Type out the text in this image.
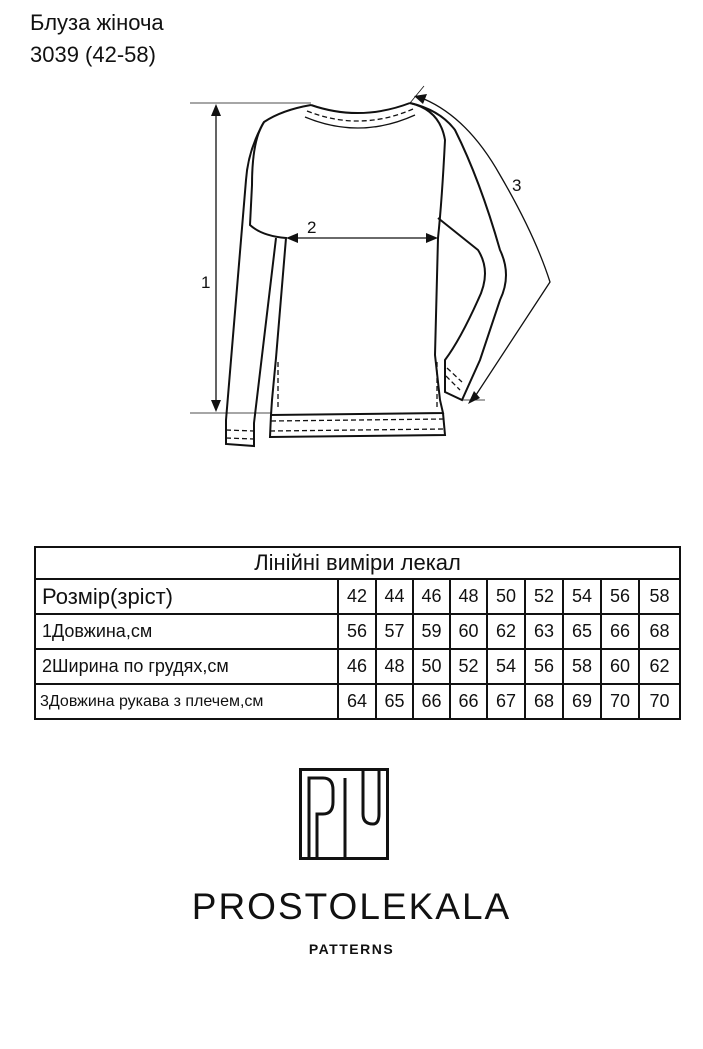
Блуза жіноча
3039 (42-58)
1
2
3
Лінійні виміри лекал									
Розмір(зріст)	42	44	46	48	50	52	54	56	58
1Довжина,см	56	57	59	60	62	63	65	66	68
2Ширина по грудях,см	46	48	50	52	54	56	58	60	62
3Довжина рукава з плечем,см	64	65	66	66	67	68	69	70	70
PROSTOLEKALA
PATTERNS
